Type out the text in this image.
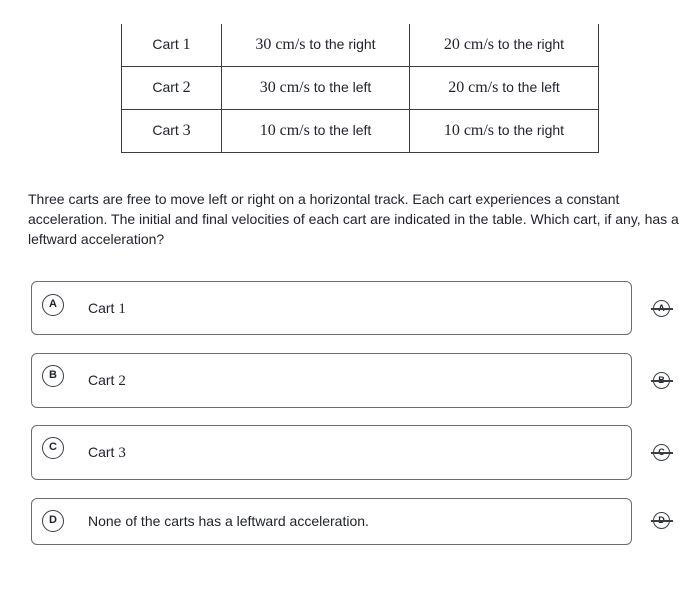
Cart 1	30 cm/s to the right	20 cm/s to the right
Cart 2	30 cm/s to the left	20 cm/s to the left
Cart 3	10 cm/s to the left	10 cm/s to the right
Three carts are free to move left or right on a horizontal track. Each cart experiences a constant acceleration. The initial and final velocities of each cart are indicated in the table. Which cart, if any, has a leftward acceleration?
A	Cart 1
B	Cart 2
C	Cart 3
D	None of the carts has a leftward acceleration.
